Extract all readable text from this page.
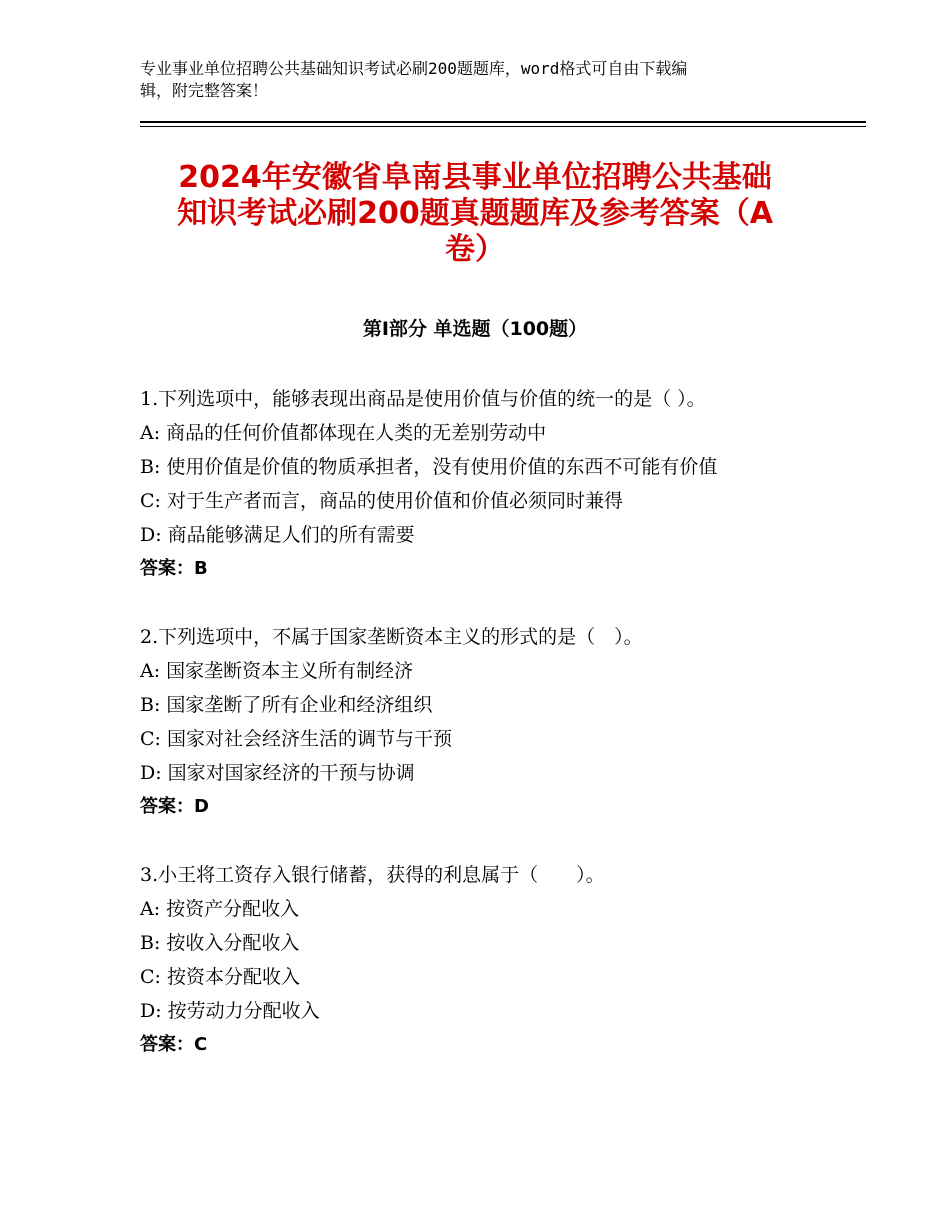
专业事业单位招聘公共基础知识考试必刷200题题库，word格式可自由下载编
辑，附完整答案！
2024年安徽省阜南县事业单位招聘公共基础
知识考试必刷200题真题题库及参考答案（A
卷）
第Ⅰ部分 单选题（100题）
1.下列选项中，能够表现出商品是使用价值与价值的统一的是（ ）。
A: 商品的任何价值都体现在人类的无差别劳动中
B: 使用价值是价值的物质承担者，没有使用价值的东西不可能有价值
C: 对于生产者而言，商品的使用价值和价值必须同时兼得
D: 商品能够满足人们的所有需要
答案：B
2.下列选项中，不属于国家垄断资本主义的形式的是（　）。
A: 国家垄断资本主义所有制经济
B: 国家垄断了所有企业和经济组织
C: 国家对社会经济生活的调节与干预
D: 国家对国家经济的干预与协调
答案：D
3.小王将工资存入银行储蓄，获得的利息属于（　　）。
A: 按资产分配收入
B: 按收入分配收入
C: 按资本分配收入
D: 按劳动力分配收入
答案：C
